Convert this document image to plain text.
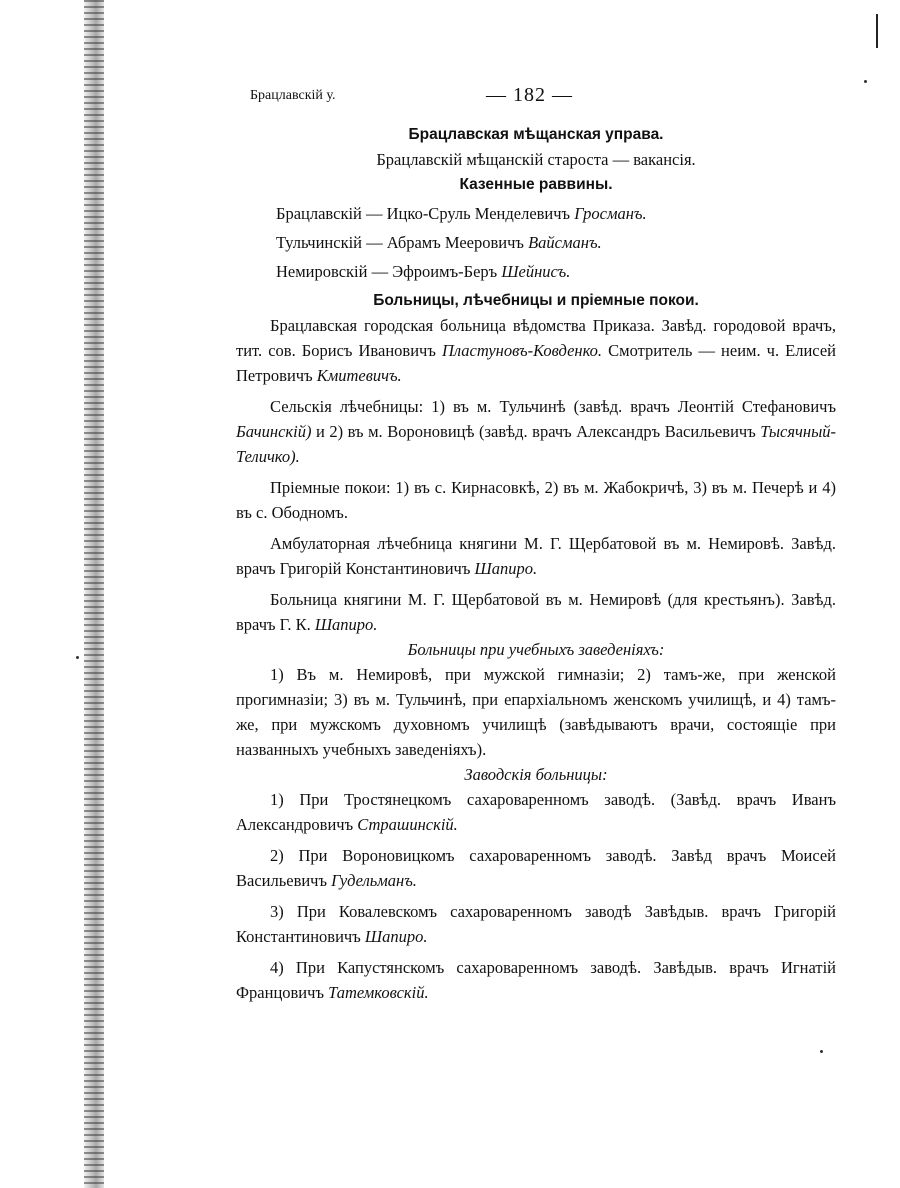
Брацлавскій у.	— 182 —

Брацлавская мѣщанская управа.

Брацлавскій мѣщанскій староста — вакансія.

Казенные раввины.

Брацлавскій — Ицко-Cруль Менделевичъ Гросманъ.

Тульчинскій — Абрамъ Мееровичъ Вайсманъ.

Немировскій — Эфроимъ-Беръ Шейнисъ.

Больницы, лѣчебницы и пріемные покои.

Брацлавская городская больница вѣдомства Приказа. Завѣд. городовой врачъ, тит. сов. Борисъ Ивановичъ Пластуновъ-Ковденко. Смотритель — неим. ч. Елисей Петровичъ Кмитевичъ.

Сельскія лѣчебницы: 1) въ м. Тульчинѣ (завѣд. врачъ Леонтій Стефановичъ Бачинскій) и 2) въ м. Вороновицѣ (завѣд. врачъ Александръ Васильевичъ Тысячный-Теличко).

Пріемные покои: 1) въ с. Кирнасовкѣ, 2) въ м. Жабокричѣ, 3) въ м. Печерѣ и 4) въ с. Ободномъ.

Амбулаторная лѣчебница княгини М. Г. Щербатовой въ м. Немировѣ. Завѣд. врачъ Григорій Константиновичъ Шапиро.

Больница княгини М. Г. Щербатовой въ м. Немировѣ (для крестьянъ). Завѣд. врачъ Г. К. Шапиро.

Больницы при учебныхъ заведеніяхъ:

1) Въ м. Немировѣ, при мужской гимназіи; 2) тамъ-же, при женской прогимназіи; 3) въ м. Тульчинѣ, при епархіальномъ женскомъ училищѣ, и 4) тамъ-же, при мужскомъ духовномъ училищѣ (завѣдываютъ врачи, состоящіе при названныхъ учебныхъ заведеніяхъ).

Заводскія больницы:

1) При Тростянецкомъ сахароваренномъ заводѣ. (Завѣд. врачъ Иванъ Александровичъ Страшинскій.

2) При Вороновицкомъ сахароваренномъ заводѣ. Завѣд врачъ Моисей Васильевичъ Гудельманъ.

3) При Ковалевскомъ сахароваренномъ заводѣ Завѣдыв. врачъ Григорій Константиновичъ Шапиро.

4) При Капустянскомъ сахароваренномъ заводѣ. Завѣдыв. врачъ Игнатій Францовичъ Татемковскій.
